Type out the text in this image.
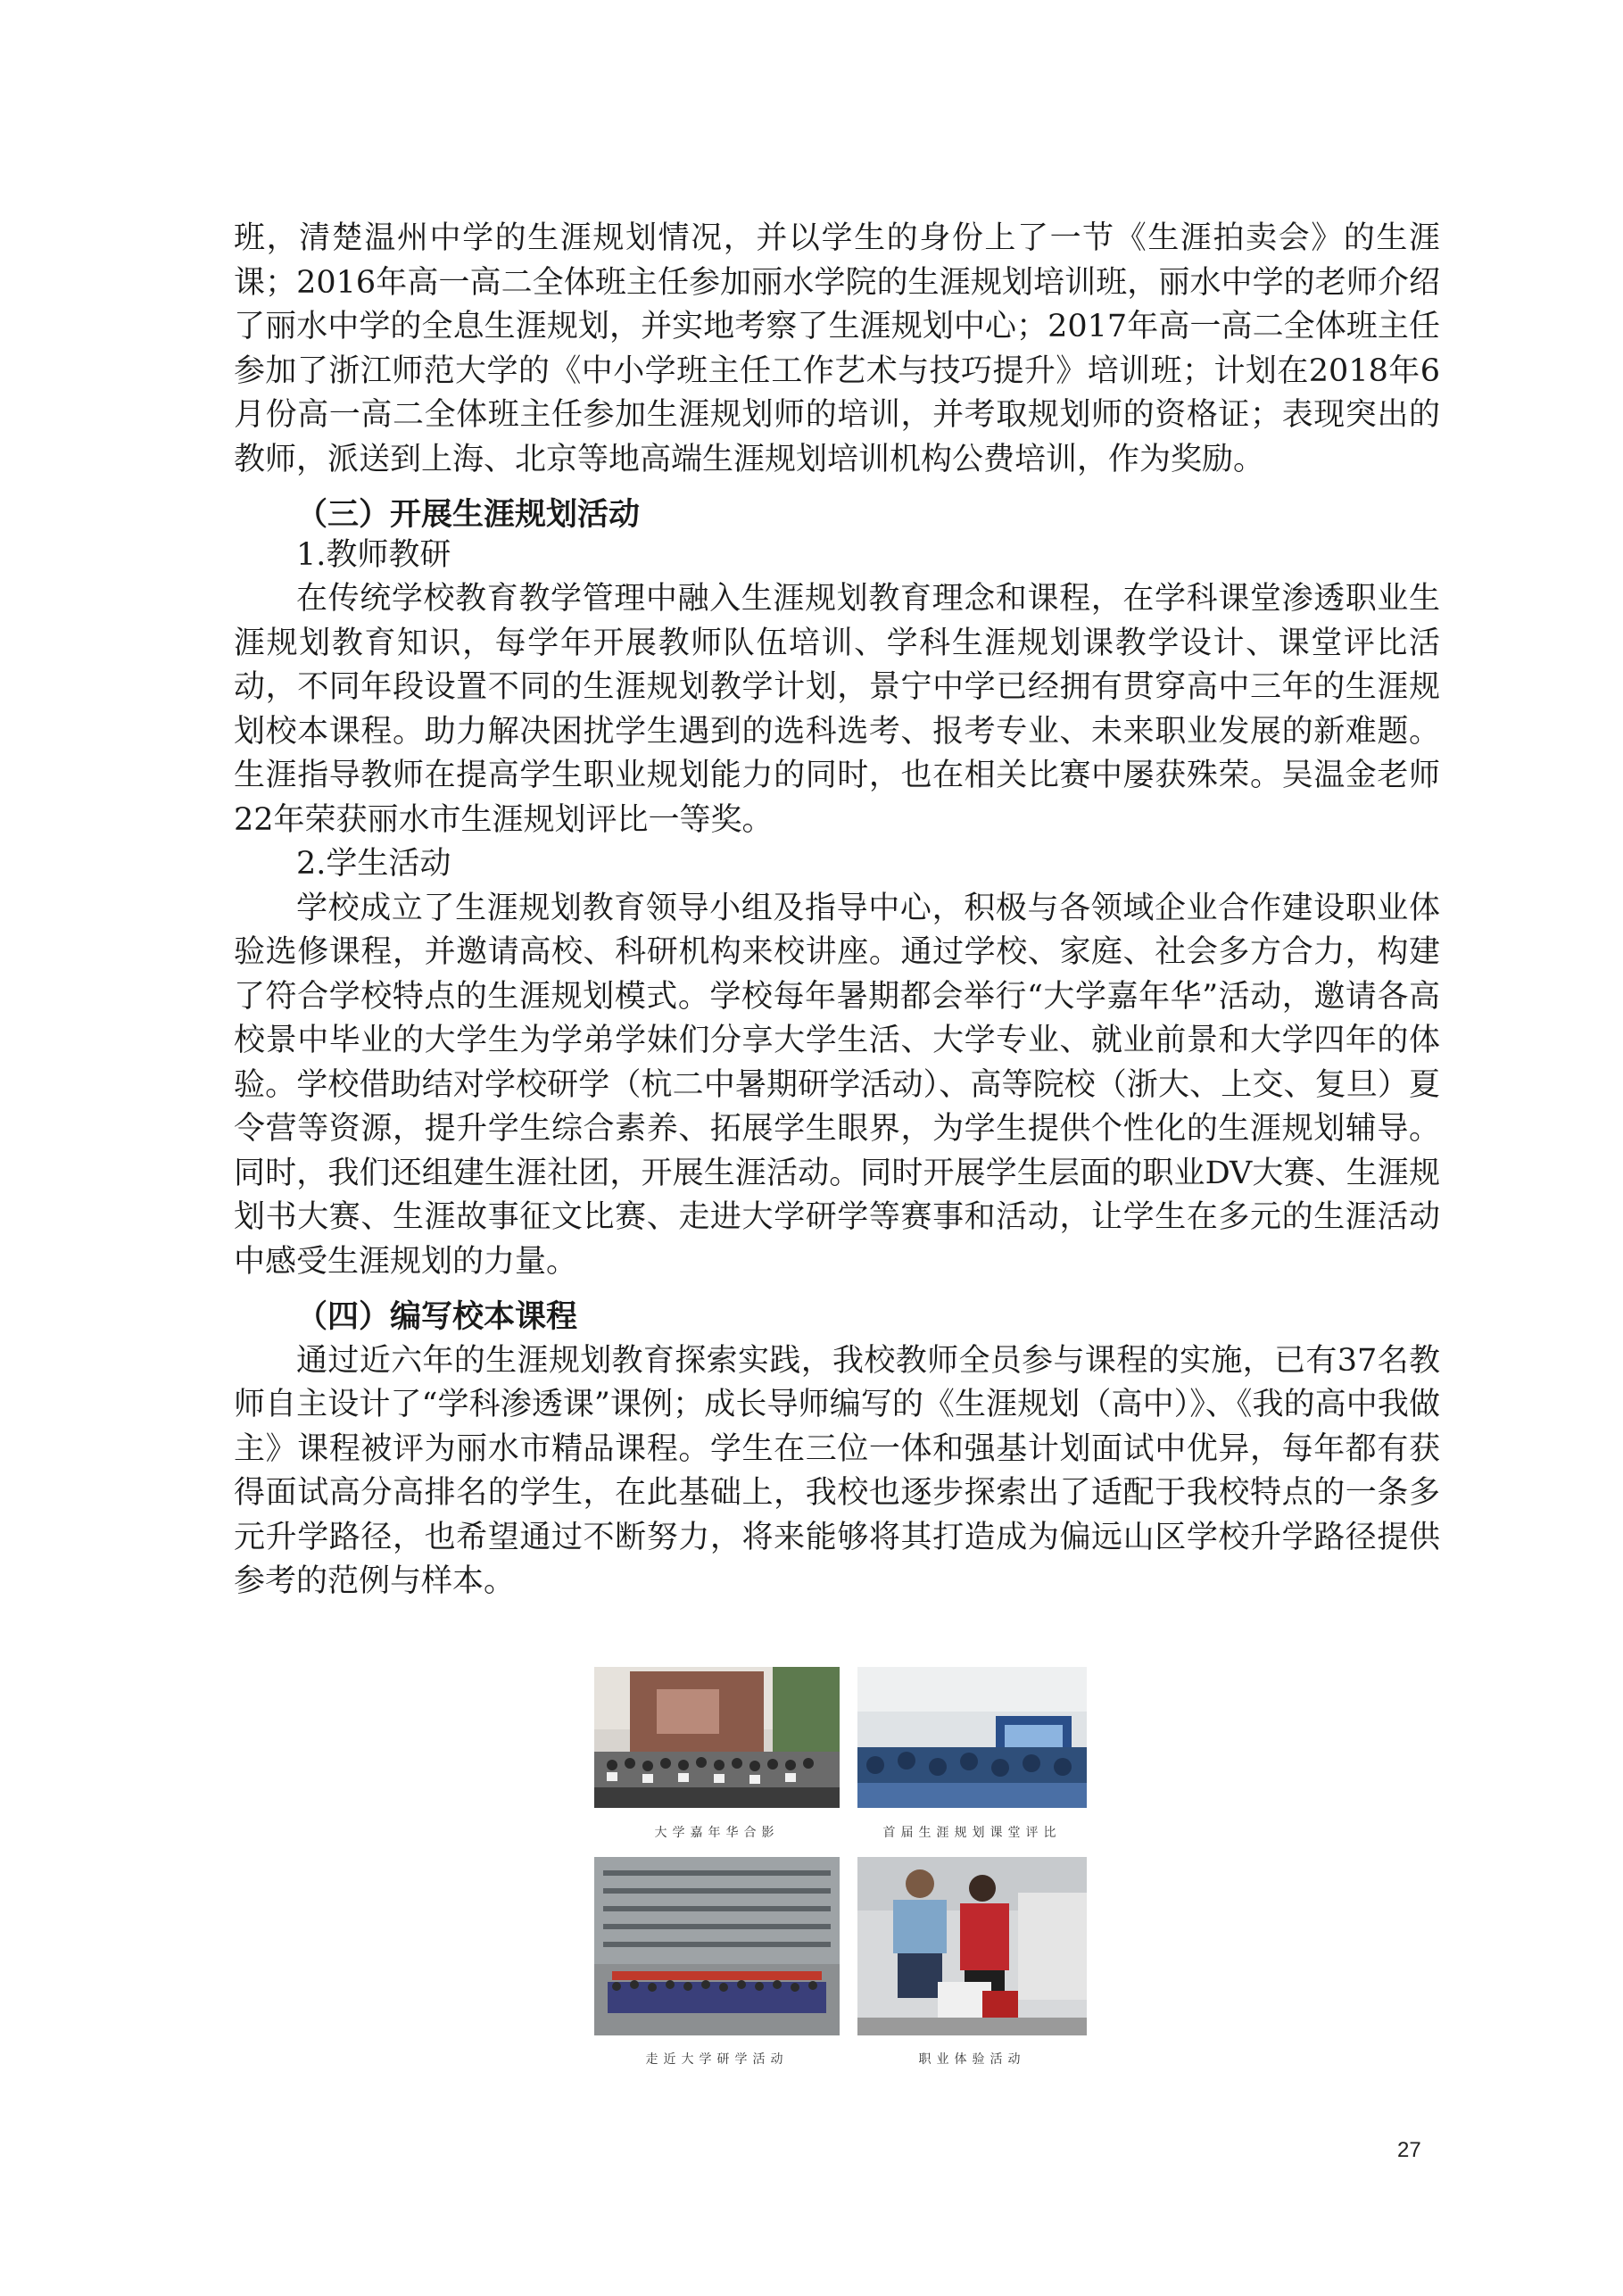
班，清楚温州中学的生涯规划情况，并以学生的身份上了一节《生涯拍卖会》的生涯课；2016年高一高二全体班主任参加丽水学院的生涯规划培训班，丽水中学的老师介绍了丽水中学的全息生涯规划，并实地考察了生涯规划中心；2017年高一高二全体班主任参加了浙江师范大学的《中小学班主任工作艺术与技巧提升》培训班；计划在2018年6月份高一高二全体班主任参加生涯规划师的培训，并考取规划师的资格证；表现突出的教师，派送到上海、北京等地高端生涯规划培训机构公费培训，作为奖励。

（三）开展生涯规划活动

1.教师教研

在传统学校教育教学管理中融入生涯规划教育理念和课程，在学科课堂渗透职业生涯规划教育知识，每学年开展教师队伍培训、学科生涯规划课教学设计、课堂评比活动，不同年段设置不同的生涯规划教学计划，景宁中学已经拥有贯穿高中三年的生涯规划校本课程。助力解决困扰学生遇到的选科选考、报考专业、未来职业发展的新难题。生涯指导教师在提高学生职业规划能力的同时，也在相关比赛中屡获殊荣。吴温金老师22年荣获丽水市生涯规划评比一等奖。

2.学生活动

学校成立了生涯规划教育领导小组及指导中心，积极与各领域企业合作建设职业体验选修课程，并邀请高校、科研机构来校讲座。通过学校、家庭、社会多方合力，构建了符合学校特点的生涯规划模式。学校每年暑期都会举行“大学嘉年华”活动，邀请各高校景中毕业的大学生为学弟学妹们分享大学生活、大学专业、就业前景和大学四年的体验。学校借助结对学校研学（杭二中暑期研学活动）、高等院校（浙大、上交、复旦）夏令营等资源，提升学生综合素养、拓展学生眼界，为学生提供个性化的生涯规划辅导。同时，我们还组建生涯社团，开展生涯活动。同时开展学生层面的职业DV大赛、生涯规划书大赛、生涯故事征文比赛、走进大学研学等赛事和活动，让学生在多元的生涯活动中感受生涯规划的力量。

（四）编写校本课程

通过近六年的生涯规划教育探索实践，我校教师全员参与课程的实施，已有37名教师自主设计了“学科渗透课”课例；成长导师编写的《生涯规划（高中）》、《我的高中我做主》课程被评为丽水市精品课程。学生在三位一体和强基计划面试中优异，每年都有获得面试高分高排名的学生，在此基础上，我校也逐步探索出了适配于我校特点的一条多元升学路径，也希望通过不断努力，将来能够将其打造成为偏远山区学校升学路径提供参考的范例与样本。

大学嘉年华合影	首届生涯规划课堂评比
走近大学研学活动	职业体验活动
27
